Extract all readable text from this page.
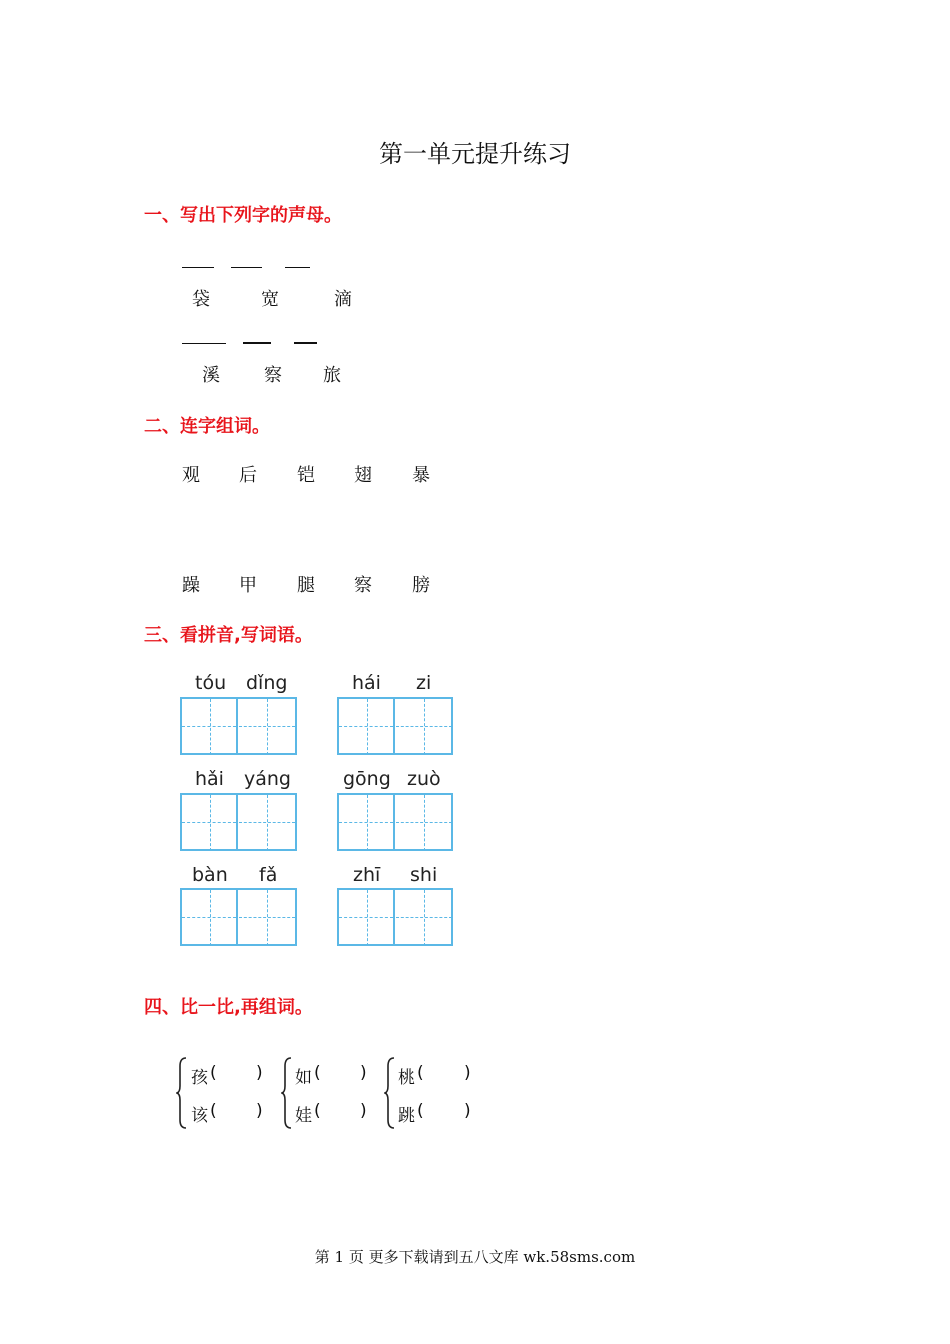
第一单元提升练习
一、写出下列字的声母。
袋	宽	滴
溪 察 旅
二、连字组词。
观 后 铠 翅 暴
躁 甲 腿 察 膀
三、看拼音,写词语。
tóu dǐng	hái zi
hǎi yáng	gōng zuò
bàn fǎ	zhī shi
四、比一比,再组词。
孩 ( )
该 ( )
如 ( )
娃 ( )
桃 ( )
跳 ( )
第 1 页 更多下载请到五八文库 wk.58sms.com
